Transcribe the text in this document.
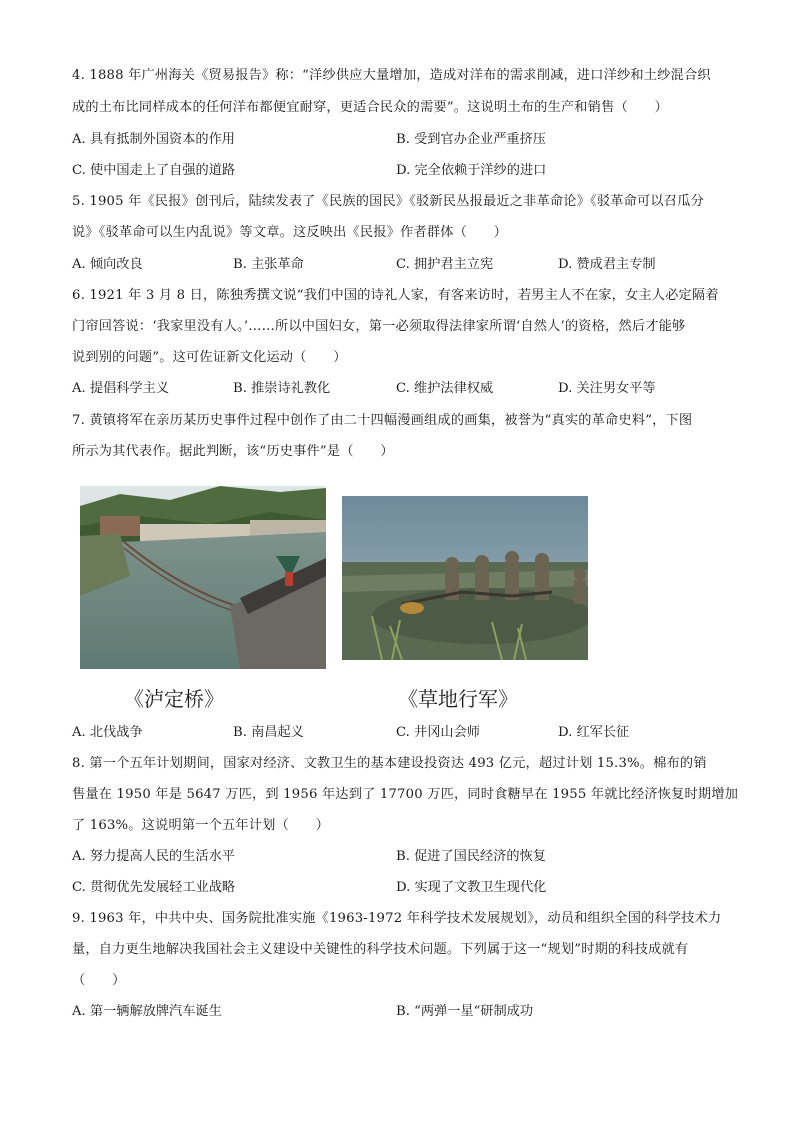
4. 1888 年广州海关《贸易报告》称：“洋纱供应大量增加，造成对洋布的需求削减，进口洋纱和土纱混合织
成的土布比同样成本的任何洋布都便宜耐穿，更适合民众的需要”。这说明土布的生产和销售（　　）
A. 具有抵制外国资本的作用	B. 受到官办企业严重挤压
C. 使中国走上了自强的道路	D. 完全依赖于洋纱的进口
5. 1905 年《民报》创刊后，陆续发表了《民族的国民》《驳新民丛报最近之非革命论》《驳革命可以召瓜分
说》《驳革命可以生内乱说》等文章。这反映出《民报》作者群体（　　）
A. 倾向改良	B. 主张革命	C. 拥护君主立宪	D. 赞成君主专制
6. 1921 年 3 月 8 日，陈独秀撰文说“我们中国的诗礼人家，有客来访时，若男主人不在家，女主人必定隔着
门帘回答说：‘我家里没有人。’……所以中国妇女，第一必须取得法律家所谓‘自然人’的资格，然后才能够
说到别的问题”。这可佐证新文化运动（　　）
A. 提倡科学主义	B. 推崇诗礼教化	C. 维护法律权威	D. 关注男女平等
7. 黄镇将军在亲历某历史事件过程中创作了由二十四幅漫画组成的画集，被誉为“真实的革命史料”，下图
所示为其代表作。据此判断，该“历史事件”是（　　）
《泸定桥》	《草地行军》
A. 北伐战争	B. 南昌起义	C. 井冈山会师	D. 红军长征
8. 第一个五年计划期间，国家对经济、文教卫生的基本建设投资达 493 亿元，超过计划 15.3%。棉布的销
售量在 1950 年是 5647 万匹，到 1956 年达到了 17700 万匹，同时食糖早在 1955 年就比经济恢复时期增加
了 163%。这说明第一个五年计划（　　）
A. 努力提高人民的生活水平	B. 促进了国民经济的恢复
C. 贯彻优先发展轻工业战略	D. 实现了文教卫生现代化
9. 1963 年，中共中央、国务院批准实施《1963-1972 年科学技术发展规划》，动员和组织全国的科学技术力
量，自力更生地解决我国社会主义建设中关键性的科学技术问题。下列属于这一“规划”时期的科技成就有
（　　）
A. 第一辆解放牌汽车诞生	B. “两弹一星“研制成功
